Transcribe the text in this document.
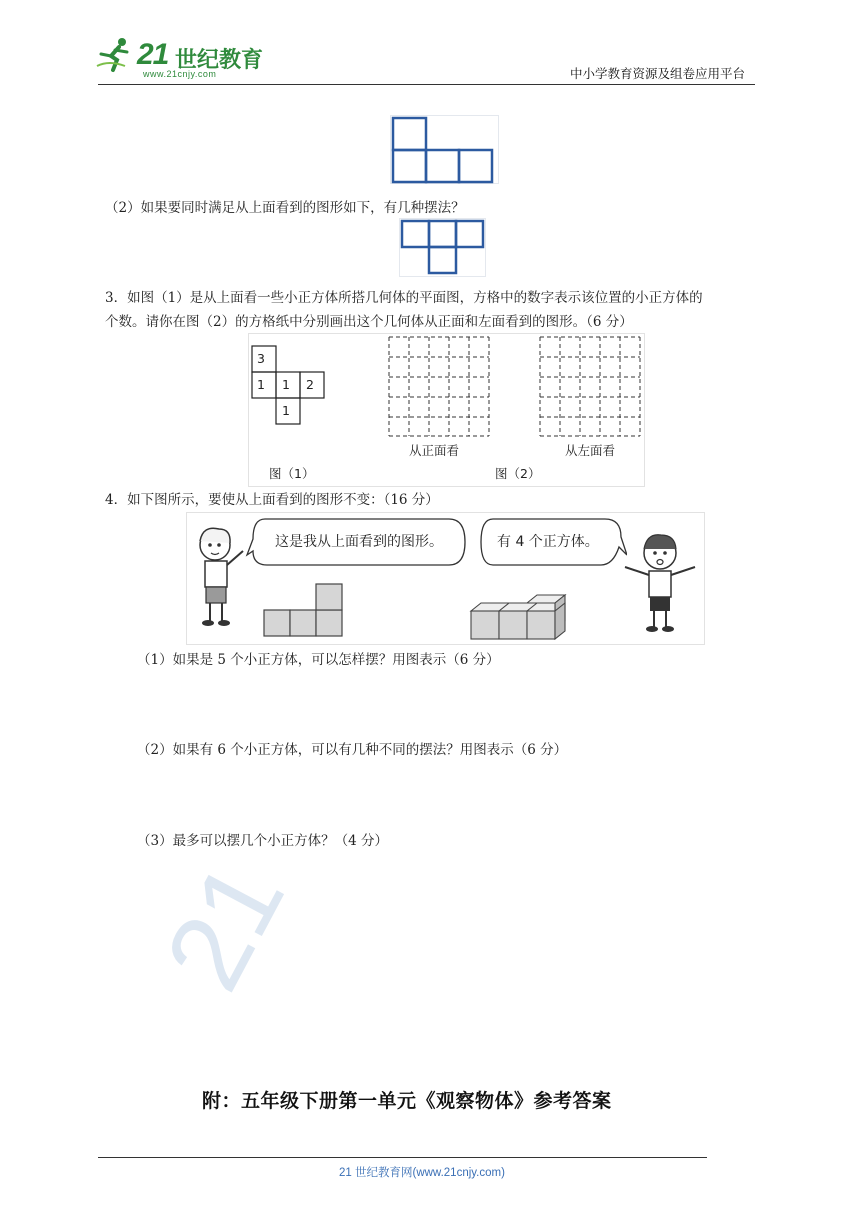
21
21 世纪教育
www.21cnjy.com	中小学教育资源及组卷应用平台
（2）如果要同时满足从上面看到的图形如下，有几种摆法？
3．如图（1）是从上面看一些小正方体所搭几何体的平面图，方格中的数字表示该位置的小正方体的
个数。请你在图（2）的方格纸中分别画出这个几何体从正面和左面看到的图形。（6 分）
3
1 1 2
1
从正面看	从左面看
图（1）	图（2）
4．如下图所示，要使从上面看到的图形不变：（16 分）
这是我从上面看到的图形。	有 4 个正方体。
（1）如果是 5 个小正方体，可以怎样摆？用图表示（6 分）
（2）如果有 6 个小正方体，可以有几种不同的摆法？用图表示（6 分）
（3）最多可以摆几个小正方体？（4 分）
附：五年级下册第一单元《观察物体》参考答案
21 世纪教育网(www.21cnjy.com)
